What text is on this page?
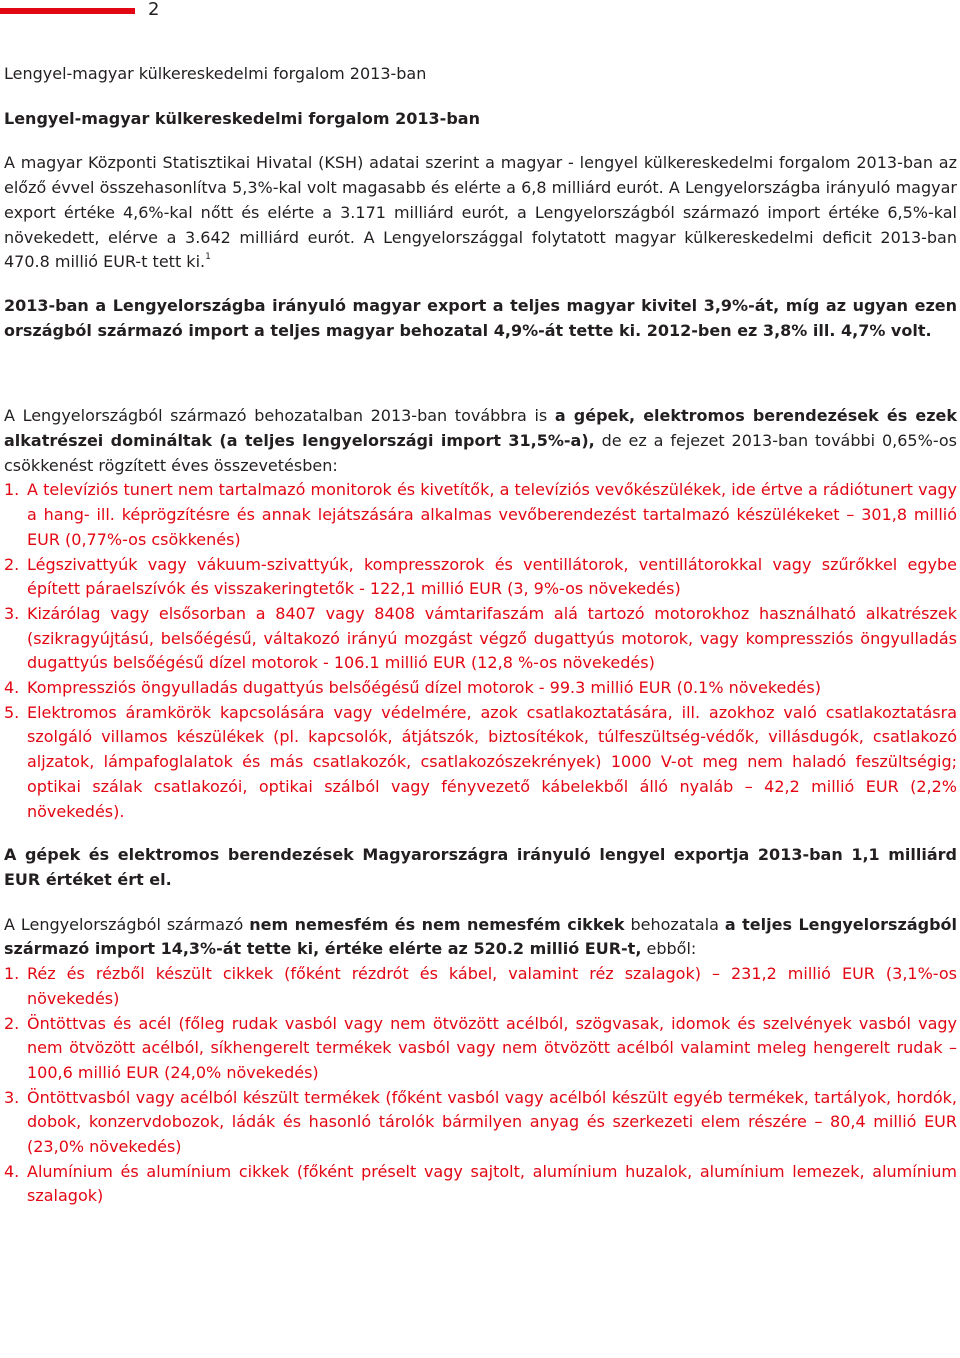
2

Lengyel-magyar külkereskedelmi forgalom 2013-ban

Lengyel-magyar külkereskedelmi forgalom 2013-ban

A magyar Központi Statisztikai Hivatal (KSH) adatai szerint a magyar - lengyel külkereskedelmi forgalom 2013-ban az előző évvel összehasonlítva 5,3%-kal volt magasabb és elérte a 6,8 milliárd eurót. A Lengyelországba irányuló magyar export értéke 4,6%-kal nőtt és elérte a 3.171 milliárd eurót, a Lengyelországból származó import értéke 6,5%-kal növekedett, elérve a 3.642 milliárd eurót. A Lengyelországgal folytatott magyar külkereskedelmi deficit 2013-ban 470.8 millió EUR-t tett ki.$^1$

2013-ban a Lengyelországba irányuló magyar export a teljes magyar kivitel 3,9%-át, míg az ugyan ezen országból származó import a teljes magyar behozatal 4,9%-át tette ki. 2012-ben ez 3,8% ill. 4,7% volt.

A Lengyelországból származó behozatalban 2013-ban továbbra is a gépek, elektromos berendezések és ezek alkatrészei domináltak (a teljes lengyelországi import 31,5%-a), de ez a fejezet 2013-ban további 0,65%-os csökkenést rögzített éves összevetésben:

1. A televíziós tunert nem tartalmazó monitorok és kivetítők, a televíziós vevőkészülékek, ide értve a rádiótunert vagy a hang- ill. képrögzítésre és annak lejátszására alkalmas vevőberendezést tartalmazó készülékeket – 301,8 millió EUR (0,77%-os csökkenés)
2. Légszivattyúk vagy vákuum-szivattyúk, kompresszorok és ventillátorok, ventillátorokkal vagy szűrőkkel egybe épített páraelszívók és visszakeringtetők - 122,1 millió EUR (3, 9%-os növekedés)
3. Kizárólag vagy elsősorban a 8407 vagy 8408 vámtarifaszám alá tartozó motorokhoz használható alkatrészek (szikragyújtású, belsőégésű, váltakozó irányú mozgást végző dugattyús motorok, vagy kompressziós öngyulladás dugattyús belsőégésű dízel motorok - 106.1 millió EUR (12,8 %-os növekedés)
4. Kompressziós öngyulladás dugattyús belsőégésű dízel motorok - 99.3 millió EUR (0.1% növekedés)
5. Elektromos áramkörök kapcsolására vagy védelmére, azok csatlakoztatására, ill. azokhoz való csatlakoztatásra szolgáló villamos készülékek (pl. kapcsolók, átjátszók, biztosítékok, túlfeszültség-védők, villásdugók, csatlakozó aljzatok, lámpafoglalatok és más csatlakozók, csatlakozószekrények) 1000 V-ot meg nem haladó feszültségig; optikai szálak csatlakozói, optikai szálból vagy fényvezető kábelekből álló nyaláb – 42,2 millió EUR (2,2% növekedés).

A gépek és elektromos berendezések Magyarországra irányuló lengyel exportja 2013-ban 1,1 milliárd EUR értéket ért el.

A Lengyelországból származó nem nemesfém és nem nemesfém cikkek behozatala a teljes Lengyelországból származó import 14,3%-át tette ki, értéke elérte az 520.2 millió EUR-t, ebből:

1. Réz és rézből készült cikkek (főként rézdrót és kábel, valamint réz szalagok) – 231,2 millió EUR (3,1%-os növekedés)
2. Öntöttvas és acél (főleg rudak vasból vagy nem ötvözött acélból, szögvasak, idomok és szelvények vasból vagy nem ötvözött acélból, síkhengerelt termékek vasból vagy nem ötvözött acélból valamint meleg hengerelt rudak – 100,6 millió EUR (24,0% növekedés)
3. Öntöttvasból vagy acélból készült termékek (főként vasból vagy acélból készült egyéb termékek, tartályok, hordók, dobok, konzervdobozok, ládák és hasonló tárolók bármilyen anyag és szerkezeti elem részére – 80,4 millió EUR (23,0% növekedés)
4. Alumínium és alumínium cikkek (főként préselt vagy sajtolt, alumínium huzalok, alumínium lemezek, alumínium szalagok)
